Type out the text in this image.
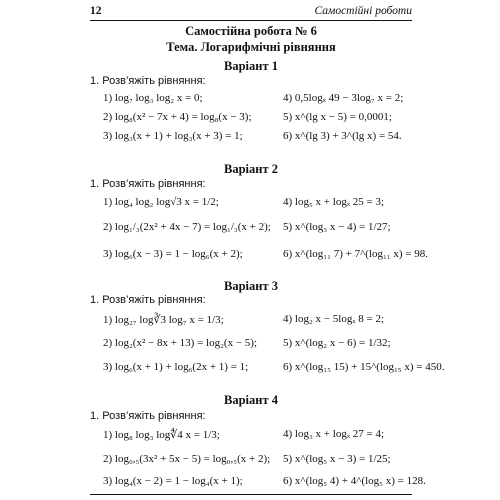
12	Самостійні роботи
Самостійна робота № 6
Тема. Логарифмічні рівняння
Варіант 1
1. Розв’яжіть рівняння:
1) log₇ log₃ log₂ x = 0;
2) log₈(x² − 7x + 4) = log₈(x − 3);
3) log₃(x + 1) + log₃(x + 3) = 1;
4) 0,5logₓ 49 − 3log₇ x = 2;
5) x^(lg x − 5) = 0,0001;
6) x^(lg 3) + 3^(lg x) = 54.
Варіант 2
1. Розв’яжіть рівняння:
1) log₄ log₂ log√3 x = 1/2;
2) log₁/₃(2x² + 4x − 7) = log₁/₃(x + 2);
3) log₆(x − 3) = 1 − log₆(x + 2);
4) log₅ x + logₓ 25 = 3;
5) x^(log₃ x − 4) = 1/27;
6) x^(log₁₁ 7) + 7^(log₁₁ x) = 98.
Варіант 3
1. Розв’яжіть рівняння:
1) log₂₇ log∛3 log₇ x = 1/3;
2) log₂(x² − 8x + 13) = log₂(x − 5);
3) log₆(x + 1) + log₆(2x + 1) = 1;
4) log₂ x − 5logₓ 8 = 2;
5) x^(log₂ x − 6) = 1/32;
6) x^(log₁₅ 15) + 15^(log₁₅ x) = 450.
Варіант 4
1. Розв’яжіть рівняння:
1) log₈ log₃ log∜4 x = 1/3;
2) log₀,₅(3x² + 5x − 5) = log₀,₅(x + 2);
3) log₄(x − 2) = 1 − log₄(x + 1);
4) log₃ x + logₓ 27 = 4;
5) x^(log₅ x − 3) = 1/25;
6) x^(log₅ 4) + 4^(log₅ x) = 128.
